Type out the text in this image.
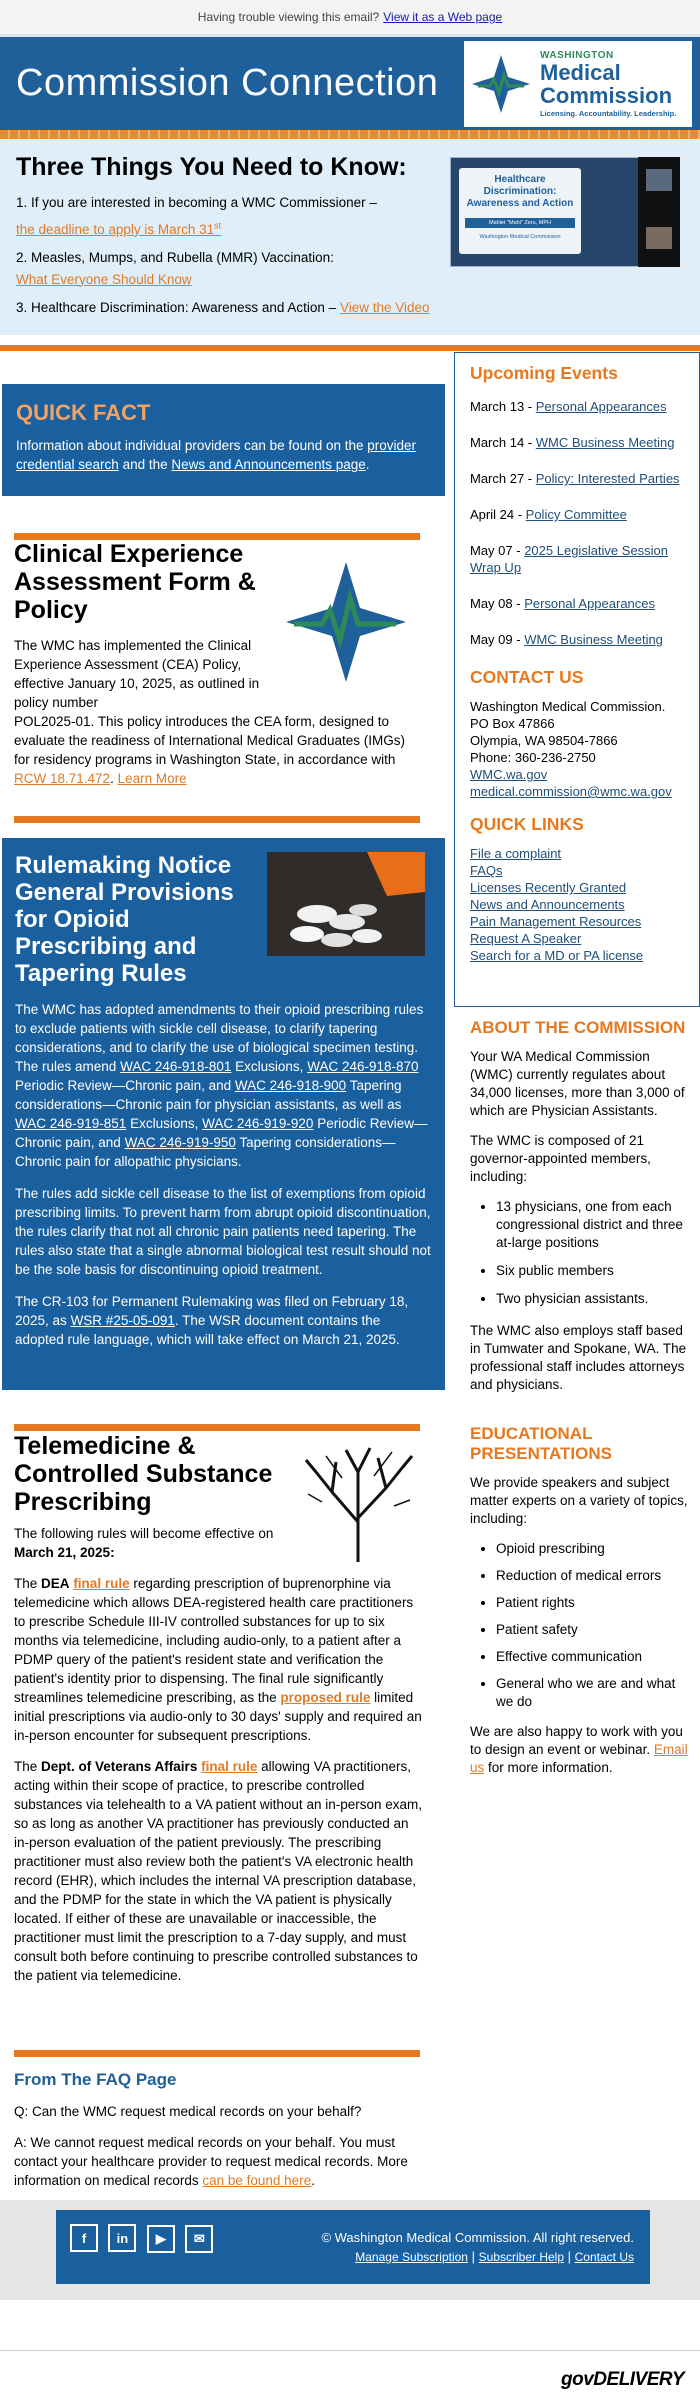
Having trouble viewing this email? View it as a Web page
Commission Connection
WASHINGTON
Medical
Commission
Licensing. Accountability. Leadership.
Three Things You Need to Know:

1. If you are interested in becoming a WMC Commissioner –
the deadline to apply is March 31st

2. Measles, Mumps, and Rubella (MMR) Vaccination:
What Everyone Should Know

3. Healthcare Discrimination: Awareness and Action – View the Video

Healthcare Discrimination: Awareness and Action
Mahlet "Mahi" Zeru, MPH
Washington Medical Commission
QUICK FACT

Information about individual providers can be found on the provider credential search and the News and Announcements page.

Clinical Experience Assessment Form & Policy

The WMC has implemented the Clinical Experience Assessment (CEA) Policy, effective January 10, 2025, as outlined in policy number

POL2025-01. This policy introduces the CEA form, designed to evaluate the readiness of International Medical Graduates (IMGs) for residency programs in Washington State, in accordance with RCW 18.71.472. Learn More

Rulemaking Notice General Provisions for Opioid Prescribing and Tapering Rules

The WMC has adopted amendments to their opioid prescribing rules to exclude patients with sickle cell disease, to clarify tapering considerations, and to clarify the use of biological specimen testing. The rules amend WAC 246-918-801 Exclusions, WAC 246-918-870 Periodic Review—Chronic pain, and WAC 246-918-900 Tapering considerations—Chronic pain for physician assistants, as well as WAC 246-919-851 Exclusions, WAC 246-919-920 Periodic Review—Chronic pain, and WAC 246-919-950 Tapering considerations—Chronic pain for allopathic physicians.

The rules add sickle cell disease to the list of exemptions from opioid prescribing limits. To prevent harm from abrupt opioid discontinuation, the rules clarify that not all chronic pain patients need tapering. The rules also state that a single abnormal biological test result should not be the sole basis for discontinuing opioid treatment.

The CR-103 for Permanent Rulemaking was filed on February 18, 2025, as WSR #25-05-091. The WSR document contains the adopted rule language, which will take effect on March 21, 2025.

Telemedicine & Controlled Substance Prescribing

The following rules will become effective on March 21, 2025:

The DEA final rule regarding prescription of buprenorphine via telemedicine which allows DEA-registered health care practitioners to prescribe Schedule III-IV controlled substances for up to six months via telemedicine, including audio-only, to a patient after a PDMP query of the patient's resident state and verification the patient's identity prior to dispensing. The final rule significantly streamlines telemedicine prescribing, as the proposed rule limited initial prescriptions via audio-only to 30 days' supply and required an in-person encounter for subsequent prescriptions.

The Dept. of Veterans Affairs final rule allowing VA practitioners, acting within their scope of practice, to prescribe controlled substances via telehealth to a VA patient without an in-person exam, so as long as another VA practitioner has previously conducted an in-person evaluation of the patient previously. The prescribing practitioner must also review both the patient's VA electronic health record (EHR), which includes the internal VA prescription database, and the PDMP for the state in which the VA patient is physically located. If either of these are unavailable or inaccessible, the practitioner must limit the prescription to a 7-day supply, and must consult both before continuing to prescribe controlled substances to the patient via telemedicine.

From The FAQ Page

Q: Can the WMC request medical records on your behalf?

A: We cannot request medical records on your behalf. You must contact your healthcare provider to request medical records. More information on medical records can be found here.

Upcoming Events
March 13 - Personal Appearances
March 14 - WMC Business Meeting
March 27 - Policy: Interested Parties
April 24 - Policy Committee
May 07 - 2025 Legislative Session Wrap Up
May 08 - Personal Appearances
May 09 - WMC Business Meeting
CONTACT US
Washington Medical Commission.
PO Box 47866
Olympia, WA 98504-7866
Phone: 360-236-2750
WMC.wa.gov
medical.commission@wmc.wa.gov
QUICK LINKS
File a complaint
FAQs
Licenses Recently Granted
News and Announcements
Pain Management Resources
Request A Speaker
Search for a MD or PA license
ABOUT THE COMMISSION

Your WA Medical Commission (WMC) currently regulates about 34,000 licenses, more than 3,000 of which are Physician Assistants.

The WMC is composed of 21 governor-appointed members, including:

• 13 physicians, one from each congressional district and three at-large positions
• Six public members
• Two physician assistants.

The WMC also employs staff based in Tumwater and Spokane, WA. The professional staff includes attorneys and physicians.

EDUCATIONAL PRESENTATIONS

We provide speakers and subject matter experts on a variety of topics, including:

• Opioid prescribing
• Reduction of medical errors
• Patient rights
• Patient safety
• Effective communication
• General who we are and what we do

We are also happy to work with you to design an event or webinar. Email us for more information.

f in ▶ ✉	© Washington Medical Commission. All right reserved.
Manage Subscription | Subscriber Help | Contact Us
govDELIVERY
